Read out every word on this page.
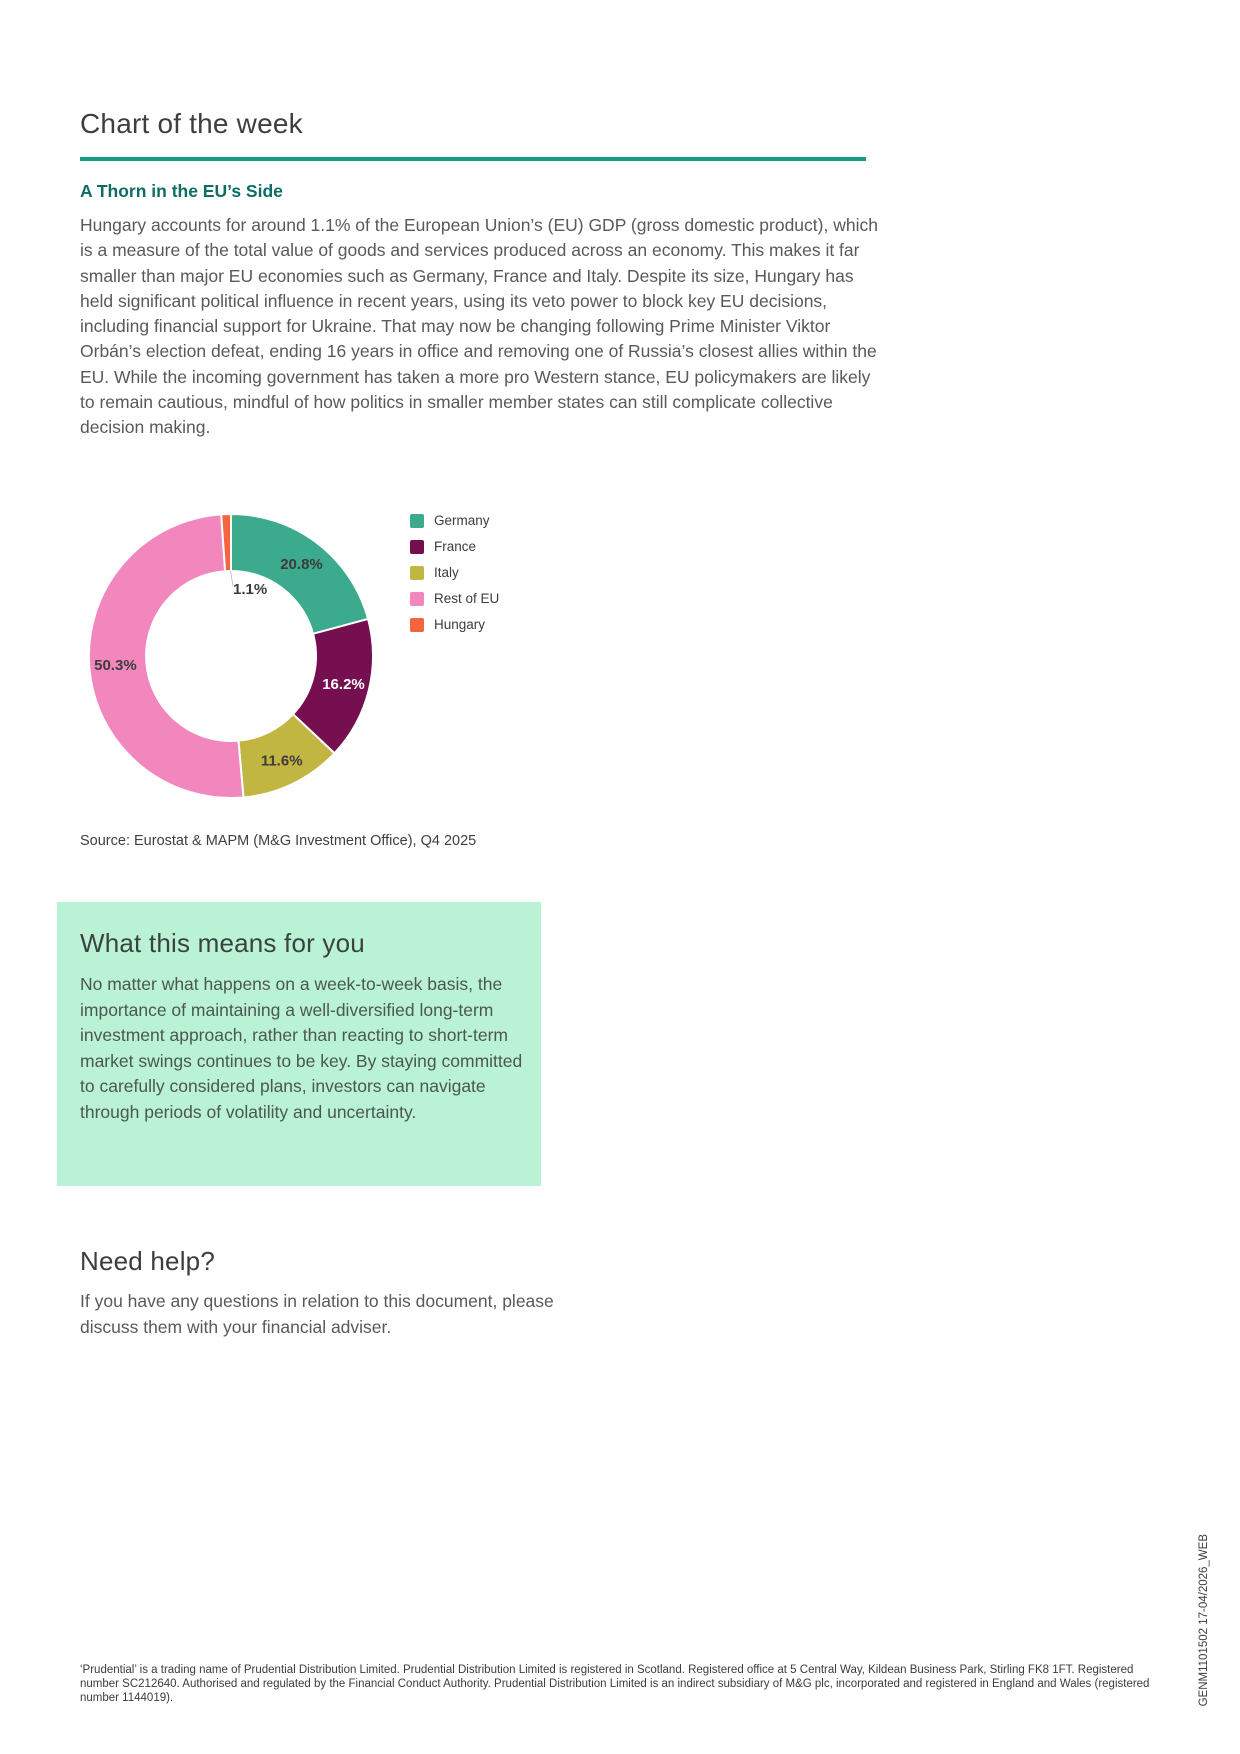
Chart of the week
A Thorn in the EU’s Side

Hungary accounts for around 1.1% of the European Union’s (EU) GDP (gross domestic product), which is a measure of the total value of goods and services produced across an economy. This makes it far smaller than major EU economies such as Germany, France and Italy. Despite its size, Hungary has held significant political influence in recent years, using its veto power to block key EU decisions, including financial support for Ukraine. That may now be changing following Prime Minister Viktor Orbán’s election defeat, ending 16 years in office and removing one of Russia’s closest allies within the EU. While the incoming government has taken a more pro Western stance, EU policymakers are likely to remain cautious, mindful of how politics in smaller member states can still complicate collective decision making.

20.8%
16.2%
11.6%
50.3%
1.1%
Germany
France
Italy
Rest of EU
Hungary

Source: Eurostat & MAPM (M&G Investment Office), Q4 2025

What this means for you

No matter what happens on a week-to-week basis, the importance of maintaining a well-diversified long-term investment approach, rather than reacting to short-term market swings continues to be key. By staying committed to carefully considered plans, investors can navigate through periods of volatility and uncertainty.

Need help?

If you have any questions in relation to this document, please discuss them with your financial adviser.

‘Prudential’ is a trading name of Prudential Distribution Limited. Prudential Distribution Limited is registered in Scotland. Registered office at 5 Central Way, Kildean Business Park, Stirling FK8 1FT. Registered number SC212640. Authorised and regulated by the Financial Conduct Authority. Prudential Distribution Limited is an indirect subsidiary of M&G plc, incorporated and registered in England and Wales (registered number 1144019).	GENM1101502 17-04/2026_WEB
